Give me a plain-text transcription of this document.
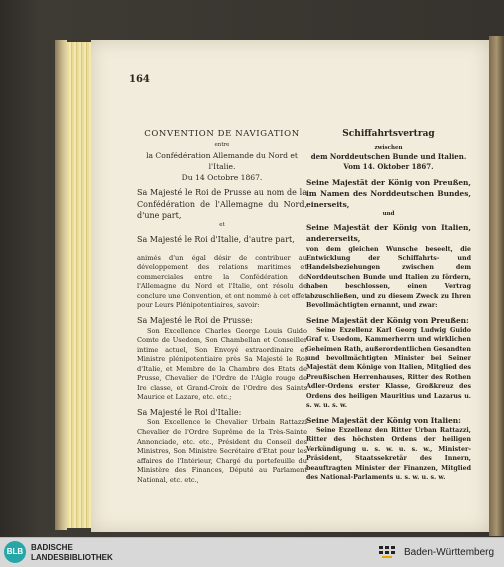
164

CONVENTION DE NAVIGATION

entre

la Confédération Allemande du Nord et

l'Italie.

Du 14 Octobre 1867.

Sa Majesté le Roi de Prusse au nom de la Confédération de l'Allemagne du Nord, d'une part,

et

Sa Majesté le Roi d'Italie, d'autre part,

animés d'un égal désir de contribuer au développement des relations maritimes et commerciales entre la Confédération de l'Allemagne du Nord et l'Italie, ont résolu de conclure une Convention, et ont nommé à cet effet pour Leurs Plénipotentiaires, savoir:

Sa Majesté le Roi de Prusse:

Son Excellence Charles George Louis Guido Comte de Usedom, Son Chambellan et Conseiller intime actuel, Son Envoyé extraordinaire et Ministre plénipotentiaire près Sa Majesté le Roi d'Italie, et Membre de la Chambre des Etats de Prusse, Chevalier de l'Ordre de l'Aigle rouge de Ire classe, et Grand-Croix de l'Ordre des Saints Maurice et Lazare, etc. etc.;

Sa Majesté le Roi d'Italie:

Son Excellence le Chevalier Urbain Rattazzi Chevalier de l'Ordre Suprême de la Très-Sainte Annonciade, etc. etc., Président du Conseil des Ministres, Son Ministre Secrétaire d'Etat pour les affaires de l'Intérieur, Chargé du portefeuille du Ministère des Finances, Député au Parlament National, etc. etc.,

Schiffahrtsvertrag

zwischen

dem Norddeutschen Bunde und Italien.

Vom 14. Oktober 1867.

Seine Majestät der König von Preußen, im Namen des Norddeutschen Bundes, einerseits,

und

Seine Majestät der König von Italien, andererseits,

von dem gleichen Wunsche beseelt, die Entwicklung der Schiffahrts- und Handelsbeziehungen zwischen dem Norddeutschen Bunde und Italien zu fördern, haben beschlossen, einen Vertrag abzuschließen, und zu diesem Zweck zu Ihren Bevollmächtigten ernannt, und zwar:

Seine Majestät der König von Preußen:

Seine Exzellenz Karl Georg Ludwig Guido Graf v. Usedom, Kammerherrn und wirklichen Geheimen Rath, außerordentlichen Gesandten und bevollmächtigten Minister bei Seiner Majestät dem Könige von Italien, Mitglied des Preußischen Herrenhauses, Ritter des Rothen Adler-Ordens erster Klasse, Großkreuz des Ordens des heiligen Mauritius und Lazarus u. s. w. u. s. w.

Seine Majestät der König von Italien:

Seine Exzellenz den Ritter Urban Rattazzi, Ritter des höchsten Ordens der heiligen Verkündigung u. s. w. u. s. w., Minister-Präsident, Staatssekretär des Innern, beauftragten Minister der Finanzen, Mitglied des National-Parlaments u. s. w. u. s. w.

BLB BADISCHE
LANDESBIBLIOTHEK	Baden-Württemberg
